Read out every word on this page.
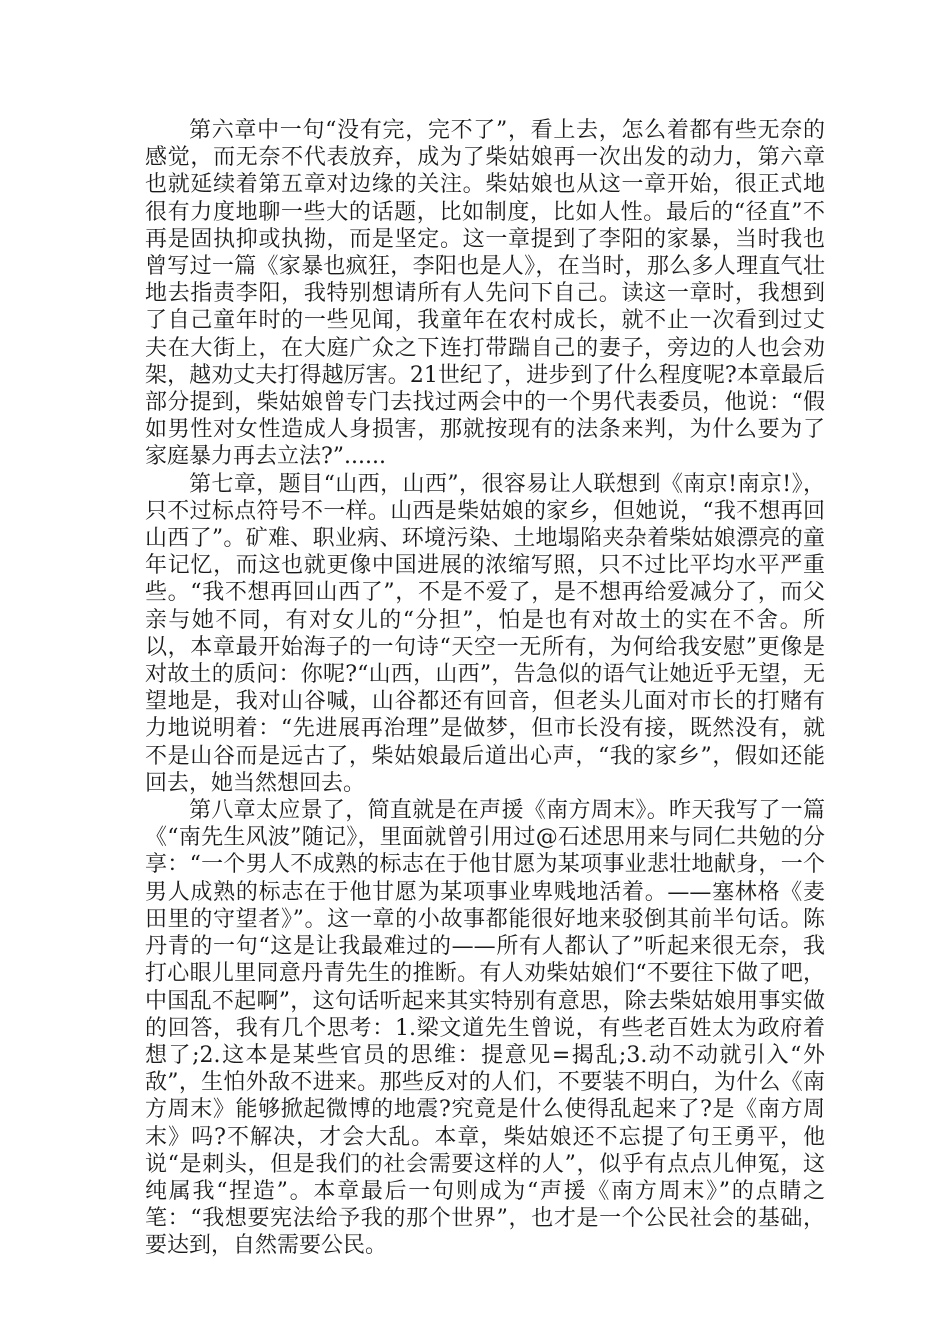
第六章中一句“没有完，完不了”，看上去，怎么着都有些无奈的感觉，而无奈不代表放弃，成为了柴姑娘再一次出发的动力，第六章也就延续着第五章对边缘的关注。柴姑娘也从这一章开始，很正式地很有力度地聊一些大的话题，比如制度，比如人性。最后的“径直”不再是固执抑或执拗，而是坚定。这一章提到了李阳的家暴，当时我也曾写过一篇《家暴也疯狂，李阳也是人》，在当时，那么多人理直气壮地去指责李阳，我特别想请所有人先问下自己。读这一章时，我想到了自己童年时的一些见闻，我童年在农村成长，就不止一次看到过丈夫在大街上，在大庭广众之下连打带踹自己的妻子，旁边的人也会劝架，越劝丈夫打得越厉害。21世纪了，进步到了什么程度呢?本章最后部分提到，柴姑娘曾专门去找过两会中的一个男代表委员，他说：“假如男性对女性造成人身损害，那就按现有的法条来判，为什么要为了家庭暴力再去立法?”......

第七章，题目“山西，山西”，很容易让人联想到《南京!南京!》，只不过标点符号不一样。山西是柴姑娘的家乡，但她说，“我不想再回山西了”。矿难、职业病、环境污染、土地塌陷夹杂着柴姑娘漂亮的童年记忆，而这也就更像中国进展的浓缩写照，只不过比平均水平严重些。“我不想再回山西了”，不是不爱了，是不想再给爱减分了，而父亲与她不同，有对女儿的“分担”，怕是也有对故土的实在不舍。所以，本章最开始海子的一句诗“天空一无所有，为何给我安慰”更像是对故土的质问：你呢?“山西，山西”，告急似的语气让她近乎无望，无望地是，我对山谷喊，山谷都还有回音，但老头儿面对市长的打赌有力地说明着：“先进展再治理”是做梦，但市长没有接，既然没有，就不是山谷而是远古了，柴姑娘最后道出心声，“我的家乡”，假如还能回去，她当然想回去。

第八章太应景了，简直就是在声援《南方周末》。昨天我写了一篇《“南先生风波”随记》，里面就曾引用过@石述思用来与同仁共勉的分享：“一个男人不成熟的标志在于他甘愿为某项事业悲壮地献身，一个男人成熟的标志在于他甘愿为某项事业卑贱地活着。——塞林格《麦田里的守望者》”。这一章的小故事都能很好地来驳倒其前半句话。陈丹青的一句“这是让我最难过的——所有人都认了”听起来很无奈，我打心眼儿里同意丹青先生的推断。有人劝柴姑娘们“不要往下做了吧，中国乱不起啊”，这句话听起来其实特别有意思，除去柴姑娘用事实做的回答，我有几个思考：1.梁文道先生曾说，有些老百姓太为政府着想了;2.这本是某些官员的思维：提意见=揭乱;3.动不动就引入“外敌”，生怕外敌不进来。那些反对的人们，不要装不明白，为什么《南方周末》能够掀起微博的地震?究竟是什么使得乱起来了?是《南方周末》吗?不解决，才会大乱。本章，柴姑娘还不忘提了句王勇平，他说“是刺头，但是我们的社会需要这样的人”，似乎有点点儿伸冤，这纯属我“捏造”。本章最后一句则成为“声援《南方周末》”的点睛之笔：“我想要宪法给予我的那个世界”，也才是一个公民社会的基础，要达到，自然需要公民。
